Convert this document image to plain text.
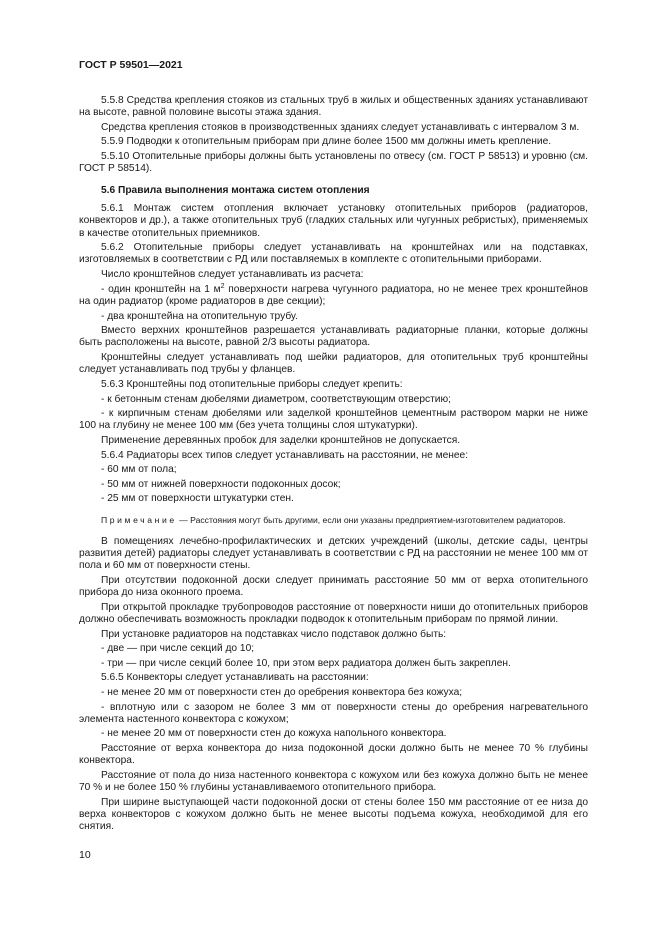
ГОСТ Р 59501—2021

5.5.8 Средства крепления стояков из стальных труб в жилых и общественных зданиях устанавливают на высоте, равной половине высоты этажа здания.

Средства крепления стояков в производственных зданиях следует устанавливать с интервалом 3 м.

5.5.9 Подводки к отопительным приборам при длине более 1500 мм должны иметь крепление.

5.5.10 Отопительные приборы должны быть установлены по отвесу (см. ГОСТ Р 58513) и уровню (см. ГОСТ Р 58514).

5.6 Правила выполнения монтажа систем отопления

5.6.1 Монтаж систем отопления включает установку отопительных приборов (радиаторов, конвекторов и др.), а также отопительных труб (гладких стальных или чугунных ребристых), применяемых в качестве отопительных приемников.

5.6.2 Отопительные приборы следует устанавливать на кронштейнах или на подставках, изготовляемых в соответствии с РД или поставляемых в комплекте с отопительными приборами.

Число кронштейнов следует устанавливать из расчета:

- один кронштейн на 1 $м^2$ поверхности нагрева чугунного радиатора, но не менее трех кронштейнов на один радиатор (кроме радиаторов в две секции);

- два кронштейна на отопительную трубу.

Вместо верхних кронштейнов разрешается устанавливать радиаторные планки, которые должны быть расположены на высоте, равной 2/3 высоты радиатора.

Кронштейны следует устанавливать под шейки радиаторов, для отопительных труб кронштейны следует устанавливать под трубы у фланцев.

5.6.3 Кронштейны под отопительные приборы следует крепить:

- к бетонным стенам дюбелями диаметром, соответствующим отверстию;

- к кирпичным стенам дюбелями или заделкой кронштейнов цементным раствором марки не ниже 100 на глубину не менее 100 мм (без учета толщины слоя штукатурки).

Применение деревянных пробок для заделки кронштейнов не допускается.

5.6.4 Радиаторы всех типов следует устанавливать на расстоянии, не менее:

- 60 мм от пола;

- 50 мм от нижней поверхности подоконных досок;

- 25 мм от поверхности штукатурки стен.

Примечание — Расстояния могут быть другими, если они указаны предприятием-изготовителем радиаторов.

В помещениях лечебно-профилактических и детских учреждений (школы, детские сады, центры развития детей) радиаторы следует устанавливать в соответствии с РД на расстоянии не менее 100 мм от пола и 60 мм от поверхности стены.

При отсутствии подоконной доски следует принимать расстояние 50 мм от верха отопительного прибора до низа оконного проема.

При открытой прокладке трубопроводов расстояние от поверхности ниши до отопительных приборов должно обеспечивать возможность прокладки подводок к отопительным приборам по прямой линии.

При установке радиаторов на подставках число подставок должно быть:

- две — при числе секций до 10;

- три — при числе секций более 10, при этом верх радиатора должен быть закреплен.

5.6.5 Конвекторы следует устанавливать на расстоянии:

- не менее 20 мм от поверхности стен до оребрения конвектора без кожуха;

- вплотную или с зазором не более 3 мм от поверхности стены до оребрения нагревательного элемента настенного конвектора с кожухом;

- не менее 20 мм от поверхности стен до кожуха напольного конвектора.

Расстояние от верха конвектора до низа подоконной доски должно быть не менее 70 % глубины конвектора.

Расстояние от пола до низа настенного конвектора с кожухом или без кожуха должно быть не менее 70 % и не более 150 % глубины устанавливаемого отопительного прибора.

При ширине выступающей части подоконной доски от стены более 150 мм расстояние от ее низа до верха конвекторов с кожухом должно быть не менее высоты подъема кожуха, необходимой для его снятия.

10
